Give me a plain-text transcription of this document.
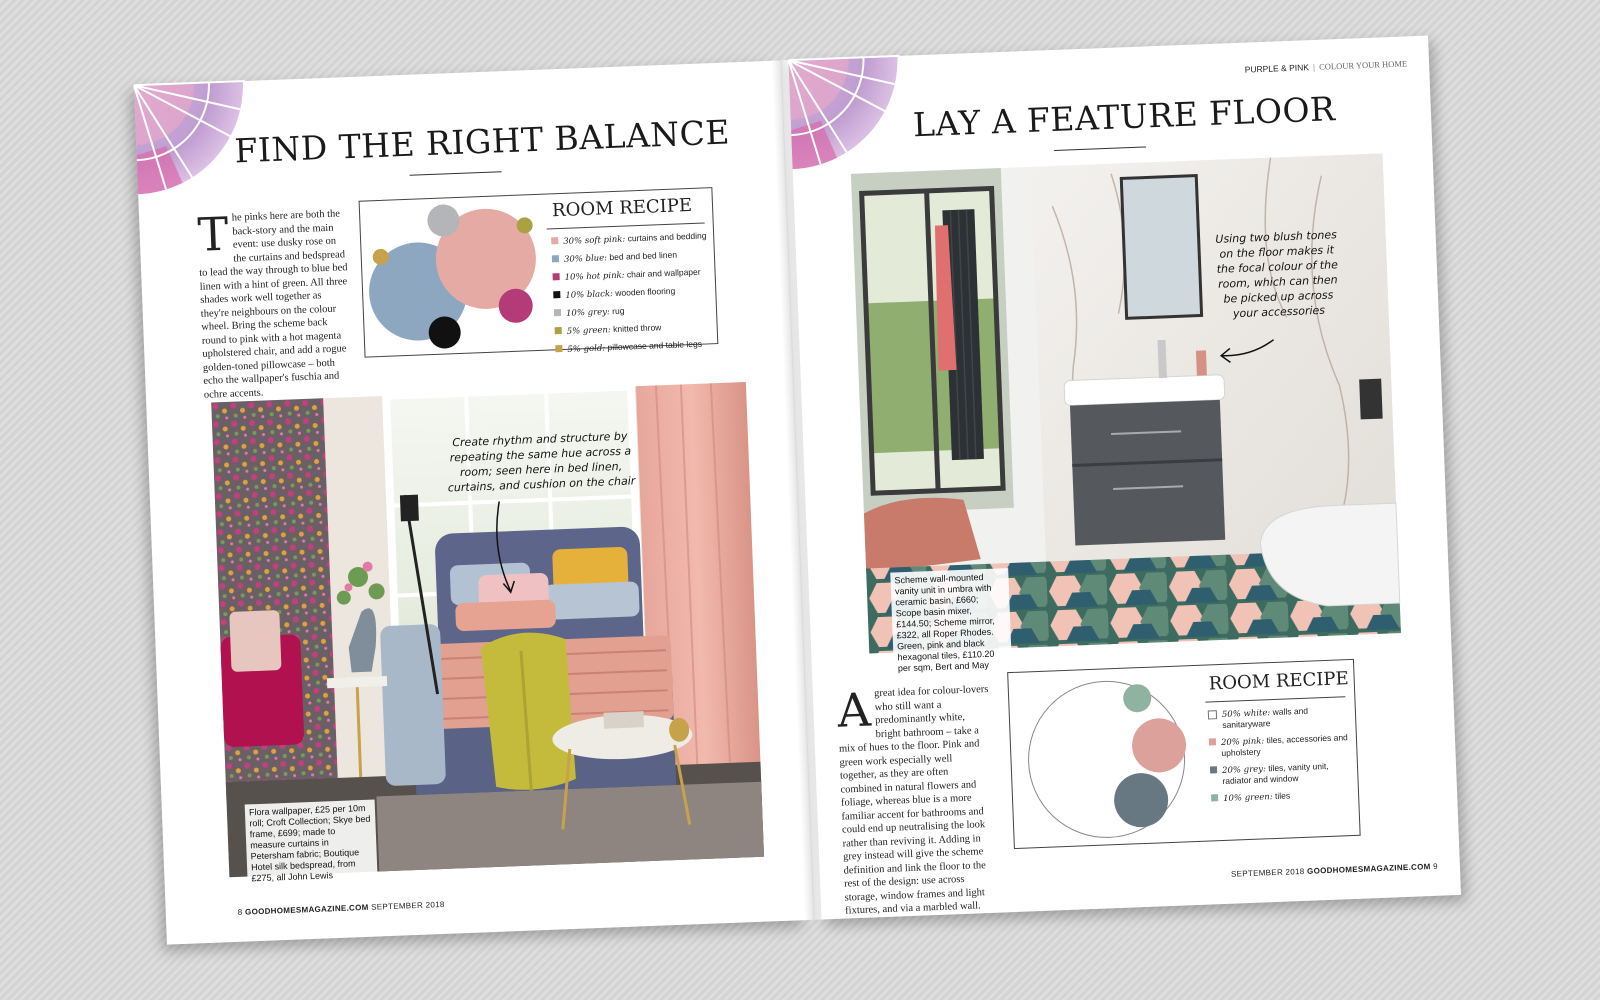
FIND THE RIGHT BALANCE
The pinks here are both the back-story and the main event: use dusky rose on the curtains and bedspread to lead the way through to blue bed linen with a hint of green. All three shades work well together as they're neighbours on the colour wheel. Bring the scheme back round to pink with a hot magenta upholstered chair, and add a rogue golden-toned pillowcase – both echo the wallpaper's fuschia and ochre accents.
ROOM RECIPE
30% soft pink: curtains and bedding
30% blue: bed and bed linen
10% hot pink: chair and wallpaper
10% black: wooden flooring
10% grey: rug
5% green: knitted throw
5% gold: pillowcase and table legs
Create rhythm and structure by repeating the same hue across a room; seen here in bed linen, curtains, and cushion on the chair
Flora wallpaper, £25 per 10m roll; Croft Collection; Skye bed frame, £699; made to measure curtains in Petersham fabric; Boutique Hotel silk bedspread, from £275, all John Lewis
8 GOODHOMESMAGAZINE.COM SEPTEMBER 2018
PURPLE & PINK | COLOUR YOUR HOME
LAY A FEATURE FLOOR
Using two blush tones on the floor makes it the focal colour of the room, which can then be picked up across your accessories
Scheme wall-mounted vanity unit in umbra with ceramic basin, £660; Scope basin mixer, £144.50; Scheme mirror, £322, all Roper Rhodes. Green, pink and black hexagonal tiles, £110.20 per sqm, Bert and May
Agreat idea for colour-lovers who still want a predominantly white, bright bathroom – take a mix of hues to the floor. Pink and green work especially well together, as they are often combined in natural flowers and foliage, whereas blue is a more familiar accent for bathrooms and could end up neutralising the look rather than reviving it. Adding in grey instead will give the scheme definition and link the floor to the rest of the design: use across storage, window frames and light fixtures, and via a marbled wall.
ROOM RECIPE
50% white: walls and sanitaryware
20% pink: tiles, accessories and upholstery
20% grey: tiles, vanity unit, radiator and window
10% green: tiles
SEPTEMBER 2018 GOODHOMESMAGAZINE.COM 9
